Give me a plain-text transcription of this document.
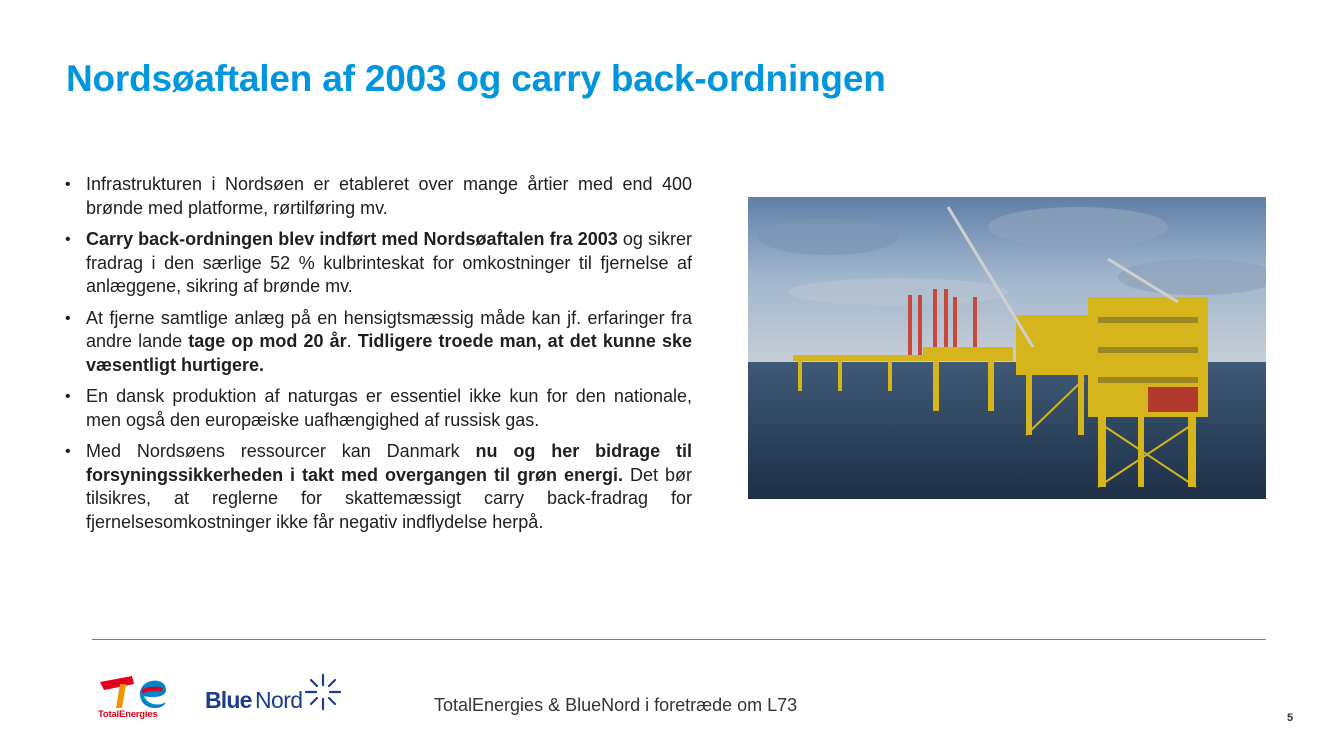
Nordsøaftalen af 2003 og carry back-ordningen
• Infrastrukturen i Nordsøen er etableret over mange årtier med end 400 brønde med platforme, rørtilføring mv.
• Carry back-ordningen blev indført med Nordsøaftalen fra 2003 og sikrer fradrag i den særlige 52 % kulbrinteskat for omkostninger til fjernelse af anlæggene, sikring af brønde mv.
• At fjerne samtlige anlæg på en hensigtsmæssig måde kan jf. erfaringer fra andre lande tage op mod 20 år. Tidligere troede man, at det kunne ske væsentligt hurtigere.
• En dansk produktion af naturgas er essentiel ikke kun for den nationale, men også den europæiske uafhængighed af russisk gas.
• Med Nordsøens ressourcer kan Danmark nu og her bidrage til forsyningssikkerheden i takt med overgangen til grøn energi. Det bør tilsikres, at reglerne for skattemæssigt carry back-fradrag for fjernelsesomkostninger ikke får negativ indflydelse herpå.
TotalEnergies
Blue Nord	TotalEnergies & BlueNord i foretræde om L73
5
